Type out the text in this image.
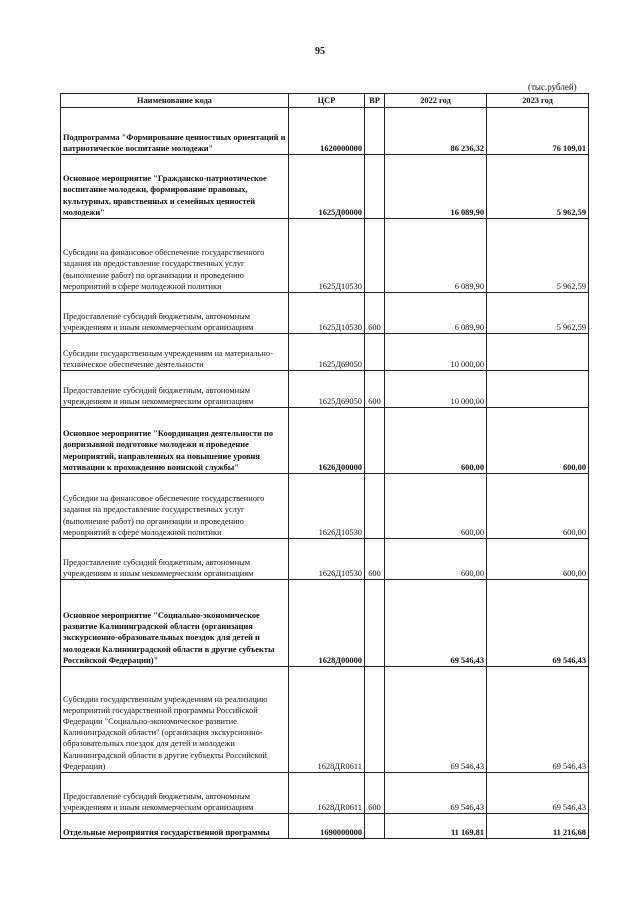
95
(тыс.рублей)
Наименование кода	ЦСР	ВР	2022 год	2023 год
Подпрограмма "Формирование ценностных ориентаций и патриотическое воспитание молодежи"	1620000000		86 236,32	76 109,01
Основное мероприятие "Гражданско-патриотическое воспитание молодежи, формирование правовых, культурных, нравственных и семейных ценностей молодежи"	1625Д00000		16 089,90	5 962,59
Субсидии на финансовое обеспечение государственного задания на предоставление государственных услуг (выполнение работ) по организации и проведению мероприятий в сфере молодежной политики	1625Д10530		6 089,90	5 962,59
Предоставление субсидий бюджетным, автономным учреждениям и иным некоммерческим организациям	1625Д10530	600	6 089,90	5 962,59
Субсидии государственным учреждениям на материально-техническое обеспечение деятельности	1625Д69050		10 000,00	
Предоставление субсидий бюджетным, автономным учреждениям и иным некоммерческим организациям	1625Д69050	600	10 000,00	
Основное мероприятие "Координация деятельности по допризывной подготовке молодежи и проведение мероприятий, направленных на повышение уровня мотивации к прохождению воинской службы"	1626Д00000		600,00	600,00
Субсидии на финансовое обеспечение государственного задания на предоставление государственных услуг (выполнение работ) по организации и проведению мероприятий в сфере молодежной политики	1626Д10530		600,00	600,00
Предоставление субсидий бюджетным, автономным учреждениям и иным некоммерческим организациям	1626Д10530	600	600,00	600,00
Основное мероприятие "Социально-экономическое развитие Калининградской области (организация экскурсионно-образовательных поездок для детей и молодежи Калининградской области в другие субъекты Российской Федерации)"	1628Д00000		69 546,43	69 546,43
Субсидии государственным учреждениям на реализацию мероприятий государственной программы Российской Федерации "Социально-экономическое развитие Калининградской области" (организация экскурсионно-образовательных поездок для детей и молодежи Калининградской области в другие субъекты Российской Федерации)	1628ДR0611		69 546,43	69 546,43
Предоставление субсидий бюджетным, автономным учреждениям и иным некоммерческим организациям	1628ДR0611	600	69 546,43	69 546,43
Отдельные мероприятия государственной программы	1690000000		11 169,81	11 216,68
